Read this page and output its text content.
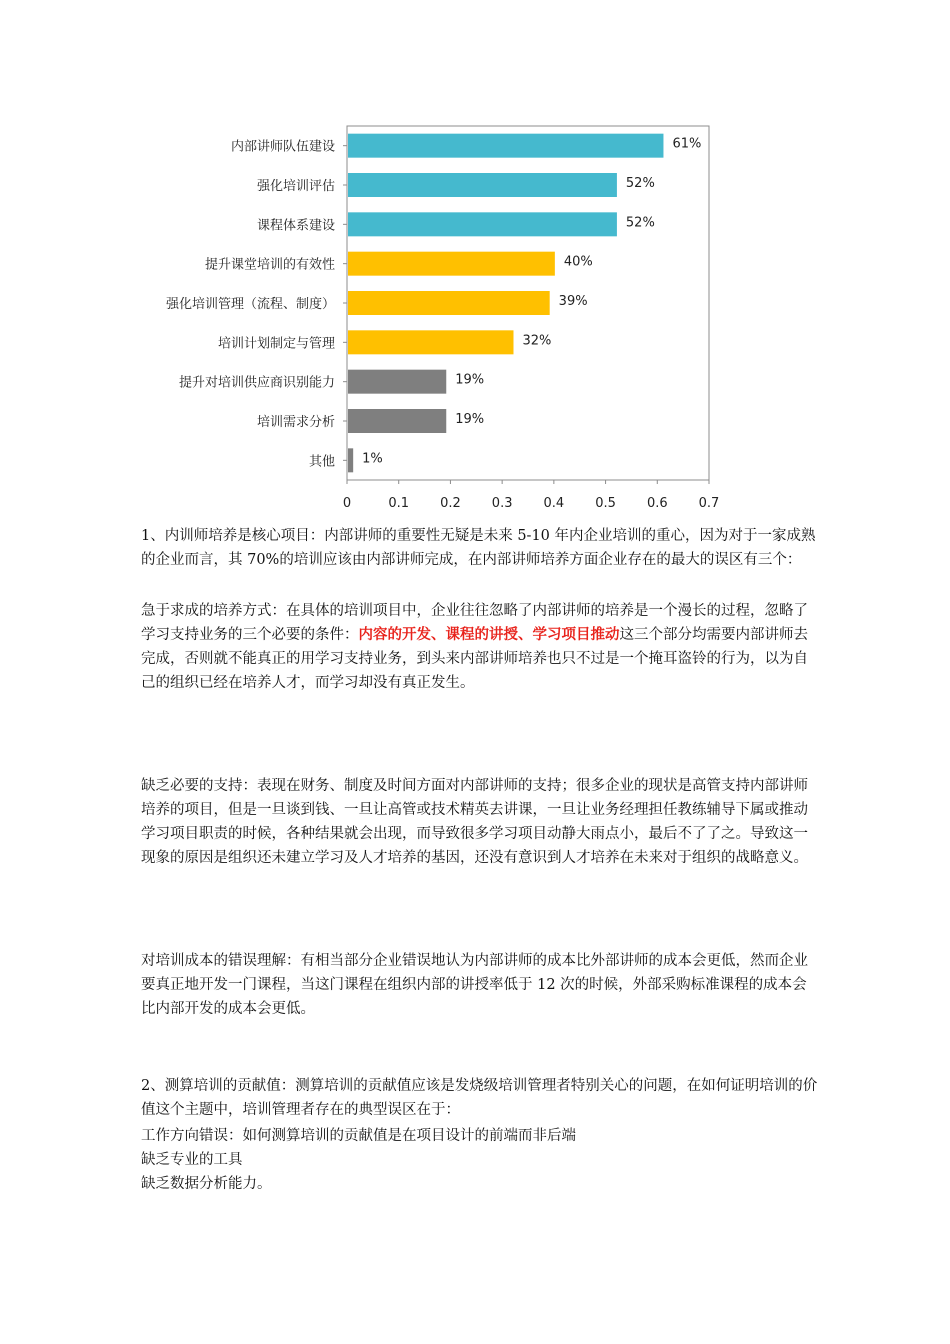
0	0.1 0.2 0.3 0.4 0.5 0.6 0.7
内部讲师队伍建设	61%
强化培训评估	52%
课程体系建设	52%
提升课堂培训的有效性	40%
强化培训管理（流程、制度）	39%
培训计划制定与管理	32%
提升对培训供应商识别能力	19%
培训需求分析	19%
其他 1%

1、内训师培养是核心项目：内部讲师的重要性无疑是未来 5-10 年内企业培训的重心，因为对于一家成熟的企业而言，其 70%的培训应该由内部讲师完成，在内部讲师培养方面企业存在的最大的误区有三个：

急于求成的培养方式：在具体的培训项目中，企业往往忽略了内部讲师的培养是一个漫长的过程，忽略了学习支持业务的三个必要的条件：内容的开发、课程的讲授、学习项目推动这三个部分均需要内部讲师去完成，否则就不能真正的用学习支持业务，到头来内部讲师培养也只不过是一个掩耳盗铃的行为，以为自己的组织已经在培养人才，而学习却没有真正发生。

缺乏必要的支持：表现在财务、制度及时间方面对内部讲师的支持；很多企业的现状是高管支持内部讲师培养的项目，但是一旦谈到钱、一旦让高管或技术精英去讲课，一旦让业务经理担任教练辅导下属或推动学习项目职责的时候，各种结果就会出现，而导致很多学习项目动静大雨点小，最后不了了之。导致这一现象的原因是组织还未建立学习及人才培养的基因，还没有意识到人才培养在未来对于组织的战略意义。

对培训成本的错误理解：有相当部分企业错误地认为内部讲师的成本比外部讲师的成本会更低，然而企业要真正地开发一门课程，当这门课程在组织内部的讲授率低于 12 次的时候，外部采购标准课程的成本会比内部开发的成本会更低。

2、测算培训的贡献值：测算培训的贡献值应该是发烧级培训管理者特别关心的问题，在如何证明培训的价值这个主题中，培训管理者存在的典型误区在于：

工作方向错误：如何测算培训的贡献值是在项目设计的前端而非后端

缺乏专业的工具

缺乏数据分析能力。
